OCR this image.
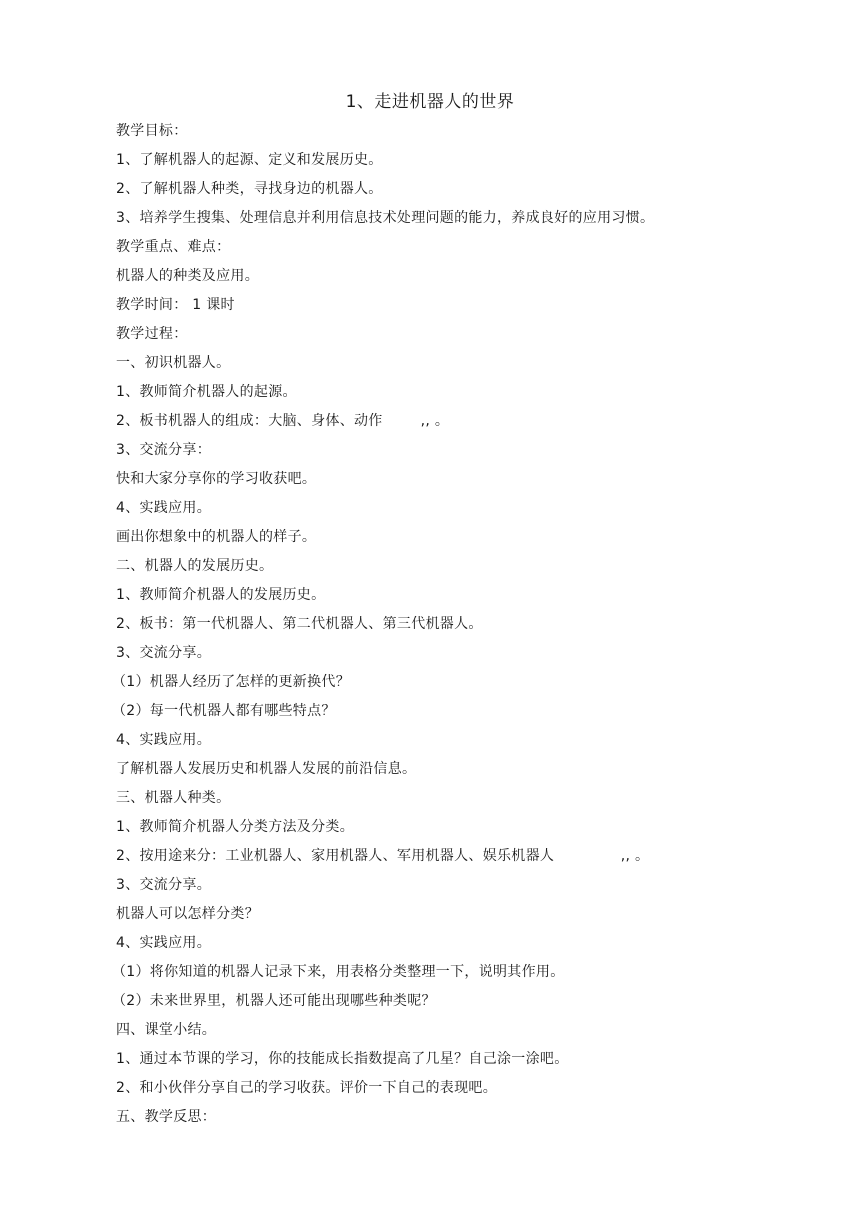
1、走进机器人的世界
教学目标：
1、了解机器人的起源、定义和发展历史。
2、了解机器人种类，寻找身边的机器人。
3、培养学生搜集、处理信息并利用信息技术处理问题的能力，养成良好的应用习惯。
教学重点、难点：
机器人的种类及应用。
教学时间： 1 课时
教学过程：
一、初识机器人。
1、教师简介机器人的起源。
2、板书机器人的组成：大脑、身体、动作        ,, 。
3、交流分享：
快和大家分享你的学习收获吧。
4、实践应用。
画出你想象中的机器人的样子。
二、机器人的发展历史。
1、教师简介机器人的发展历史。
2、板书：第一代机器人、第二代机器人、第三代机器人。
3、交流分享。
（1）机器人经历了怎样的更新换代？
（2）每一代机器人都有哪些特点？
4、实践应用。
了解机器人发展历史和机器人发展的前沿信息。
三、机器人种类。
1、教师简介机器人分类方法及分类。
2、按用途来分：工业机器人、家用机器人、军用机器人、娱乐机器人              ,, 。
3、交流分享。
机器人可以怎样分类？
4、实践应用。
（1）将你知道的机器人记录下来，用表格分类整理一下，说明其作用。
（2）未来世界里，机器人还可能出现哪些种类呢？
四、课堂小结。
1、通过本节课的学习，你的技能成长指数提高了几星？自己涂一涂吧。
2、和小伙伴分享自己的学习收获。评价一下自己的表现吧。
五、教学反思：
